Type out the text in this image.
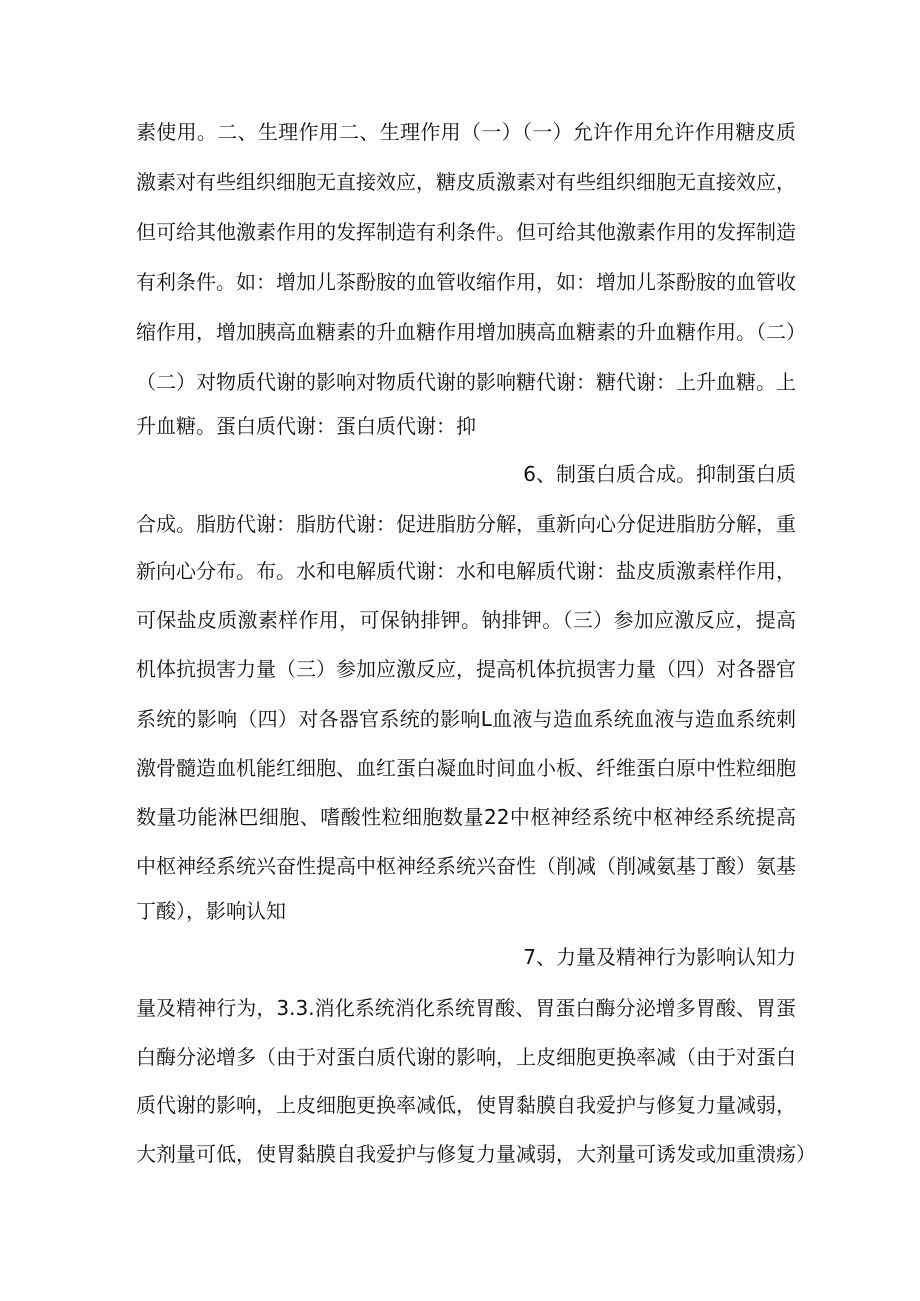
素使用。二、生理作用二、生理作用（一）（一）允许作用允许作用糖皮质
激素对有些组织细胞无直接效应，糖皮质激素对有些组织细胞无直接效应，
但可给其他激素作用的发挥制造有利条件。但可给其他激素作用的发挥制造
有利条件。如：增加儿茶酚胺的血管收缩作用，如：增加儿茶酚胺的血管收
缩作用，增加胰高血糖素的升血糖作用增加胰高血糖素的升血糖作用。（二）
（二）对物质代谢的影响对物质代谢的影响糖代谢：糖代谢：上升血糖。上
升血糖。蛋白质代谢：蛋白质代谢：抑
6、制蛋白质合成。抑制蛋白质
合成。脂肪代谢：脂肪代谢：促进脂肪分解，重新向心分促进脂肪分解，重
新向心分布。布。水和电解质代谢：水和电解质代谢：盐皮质激素样作用，
可保盐皮质激素样作用，可保钠排钾。钠排钾。（三）参加应激反应，提高
机体抗损害力量（三）参加应激反应，提高机体抗损害力量（四）对各器官
系统的影响（四）对各器官系统的影响L血液与造血系统血液与造血系统刺
激骨髓造血机能红细胞、血红蛋白凝血时间血小板、纤维蛋白原中性粒细胞
数量功能淋巴细胞、嗜酸性粒细胞数量22中枢神经系统中枢神经系统提高
中枢神经系统兴奋性提高中枢神经系统兴奋性（削减（削减氨基丁酸）氨基
丁酸），影响认知
7、力量及精神行为影响认知力
量及精神行为，3.3.消化系统消化系统胃酸、胃蛋白酶分泌增多胃酸、胃蛋
白酶分泌增多（由于对蛋白质代谢的影响，上皮细胞更换率减（由于对蛋白
质代谢的影响，上皮细胞更换率减低，使胃黏膜自我爱护与修复力量减弱，
大剂量可低，使胃黏膜自我爱护与修复力量减弱，大剂量可诱发或加重溃疡）
